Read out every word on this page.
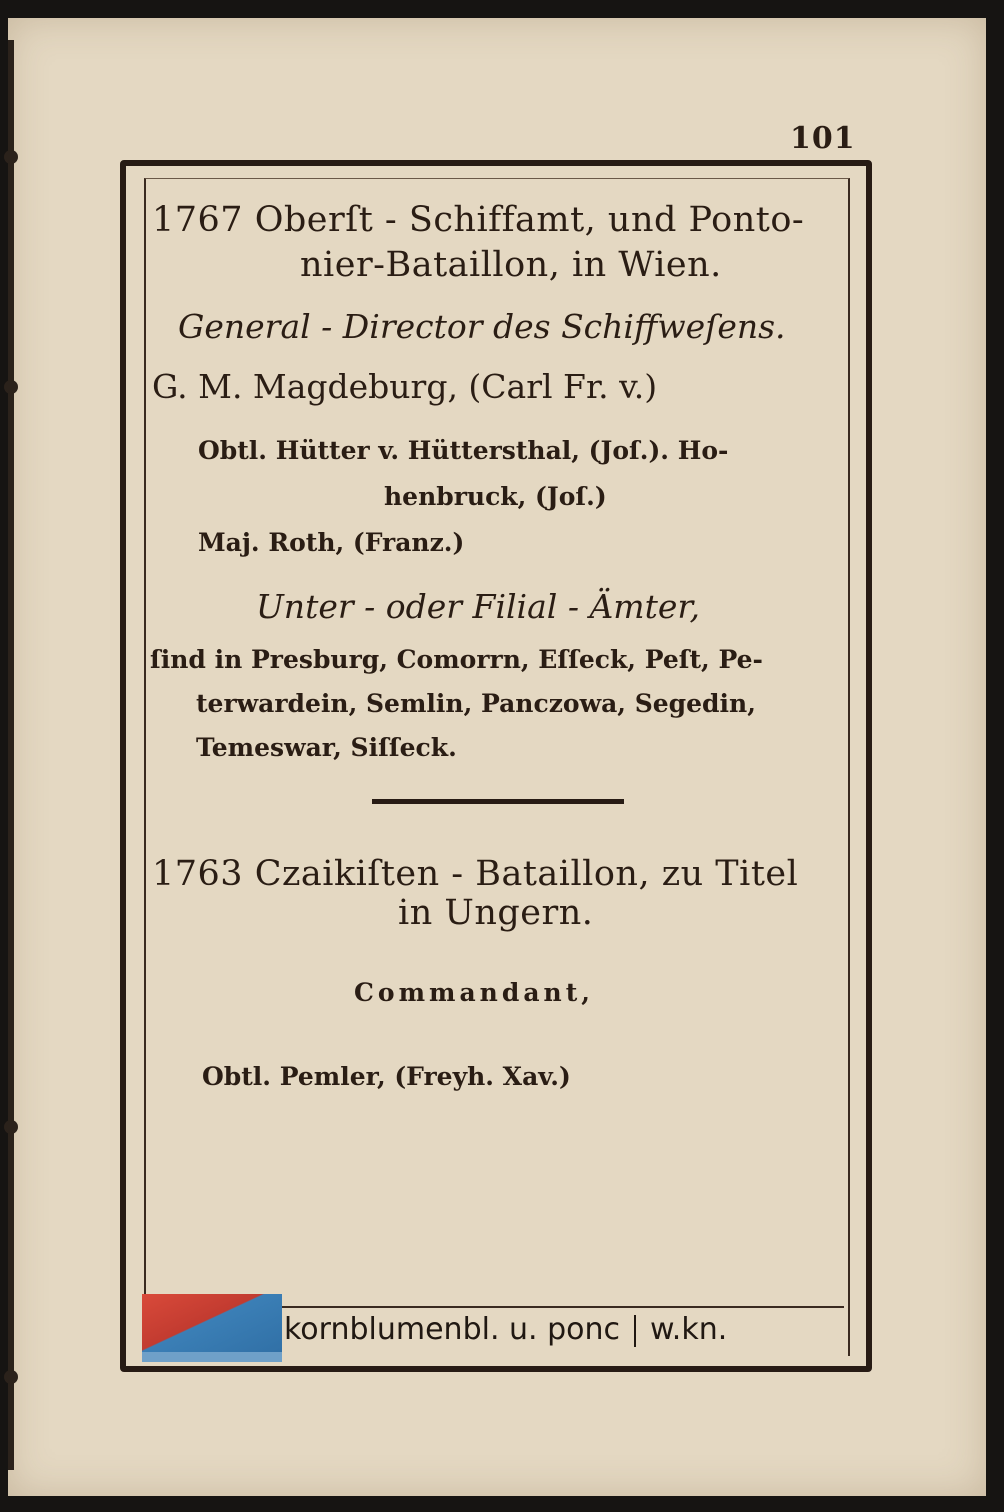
101
1767 Oberſt - Schiffamt, und Ponto-
nier-Bataillon, in Wien.
General - Director des Schiffweſens.
G. M. Magdeburg, (Carl Fr. v.)
Obtl. Hütter v. Hüttersthal, (Joſ.). Ho-
henbruck, (Joſ.)
Maj. Roth, (Franz.)
Unter - oder Filial - Ämter,
ſind in Presburg, Comorrn, Eſſeck, Peſt, Pe-
terwardein, Semlin, Panczowa, Segedin,
Temeswar, Siſſeck.
1763 Czaikiſten - Bataillon, zu Titel
in Ungern.
Commandant,
Obtl. Pemler, (Freyh. Xav.)
kornblumenbl. u. ponc w.kn.
